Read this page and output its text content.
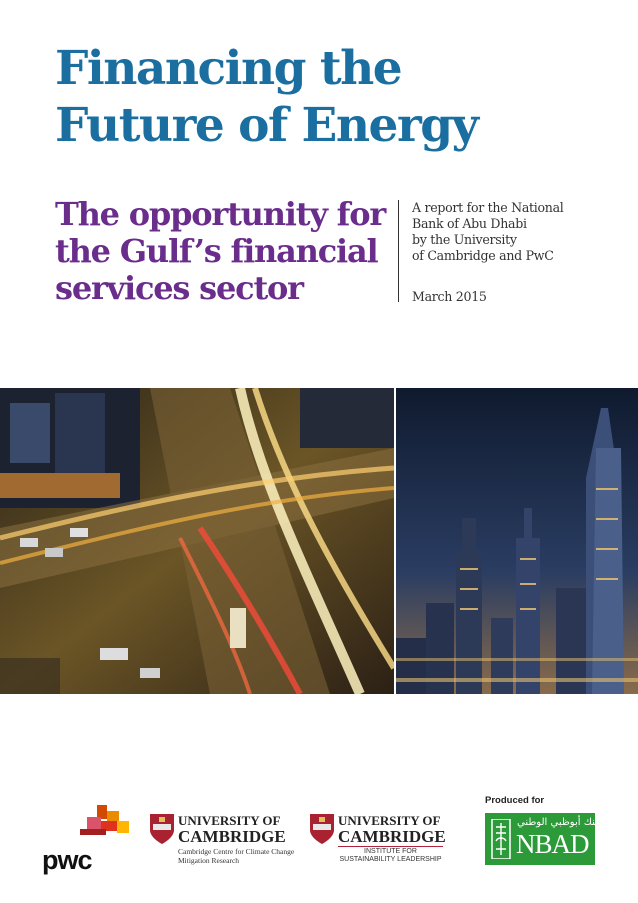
Financing the
Future of Energy
The opportunity for
the Gulf’s financial
services sector
A report for the National
Bank of Abu Dhabi
by the University
of Cambridge and PwC
March 2015
pwc
UNIVERSITY OF
CAMBRIDGE
Cambridge Centre for Climate Change
Mitigation Research
UNIVERSITY OF
CAMBRIDGE
INSTITUTE FOR
SUSTAINABILITY LEADERSHIP
Produced for
بنك أبوظبي الوطني
NBAD
